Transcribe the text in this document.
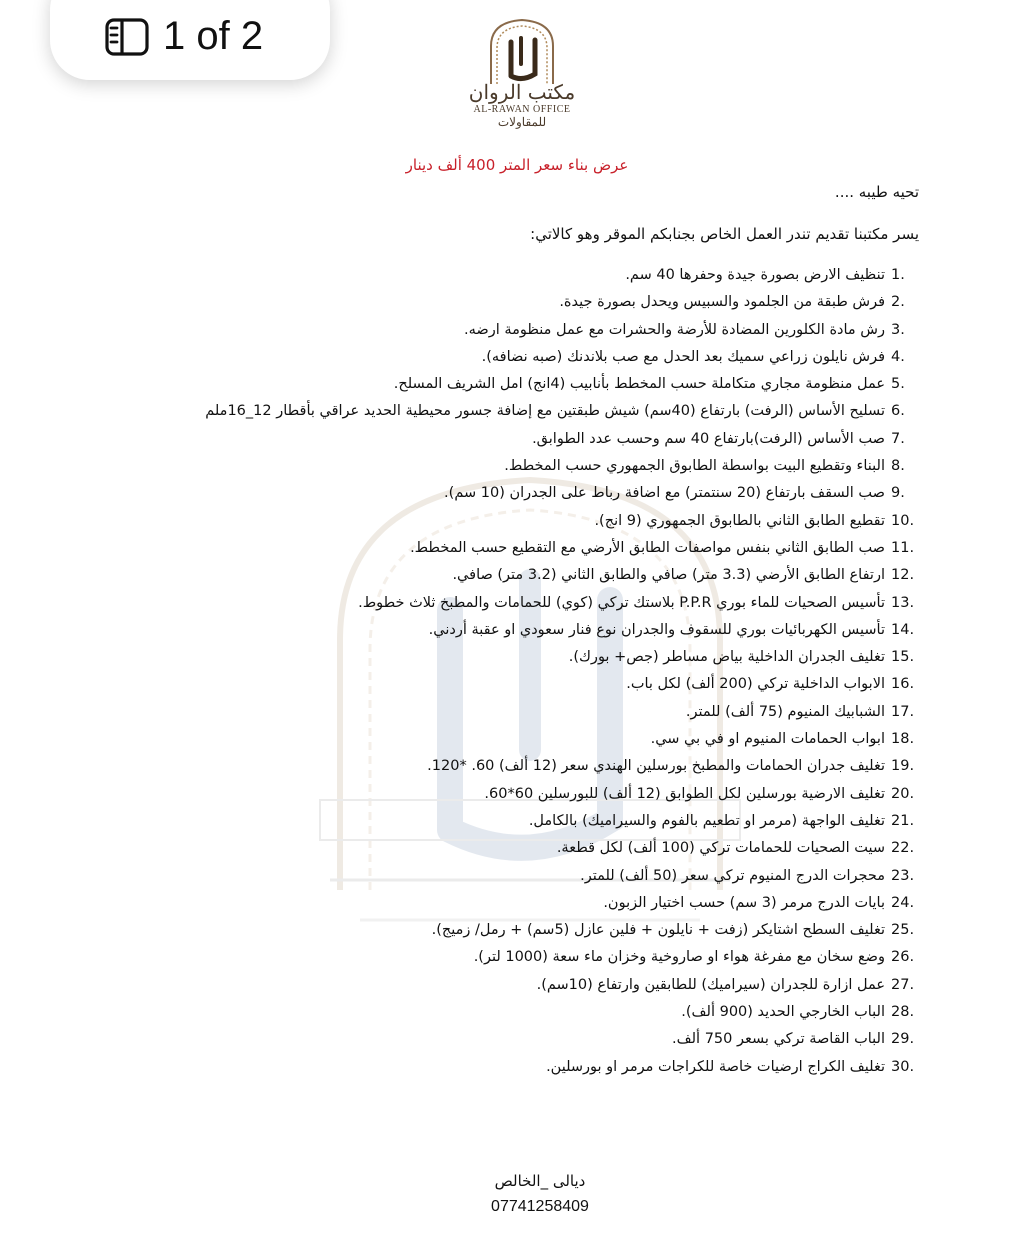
1 of 2
مكتب الروان
AL-RAWAN OFFICE
للمقاولات
تحيه طيبه ....
يسر مكتبنا تقديم تندر العمل الخاص بجنابكم الموقر وهو كالاتي:
1.
تنظيف الارض بصورة جيدة وحفرها 40 سم.
2.
فرش طبقة من الجلمود والسبيس ويحدل بصورة جيدة.
3.
رش مادة الكلورين المضادة للأرضة والحشرات مع عمل منظومة ارضه.
4.
فرش نايلون زراعي سميك بعد الحدل مع صب بلاندنك (صبه نضافه).
5.
عمل منظومة مجاري متكاملة حسب المخطط بأنابيب (4انج) امل الشريف المسلح.
6.
تسليح الأساس (الرفت) بارتفاع (40سم) شيش طبقتين مع إضافة جسور محيطية الحديد عراقي بأقطار 12_16ملم
7.
صب الأساس (الرفت)بارتفاع 40 سم وحسب عدد الطوابق.
8.
البناء وتقطيع البيت بواسطة الطابوق الجمهوري حسب المخطط.
9.
صب السقف بارتفاع (20 سنتمتر) مع اضافة رباط على الجدران (10 سم).
10.
تقطيع الطابق الثاني بالطابوق الجمهوري (9 انج).
11.
صب الطابق الثاني بنفس مواصفات الطابق الأرضي مع التقطيع حسب المخطط.
12.
ارتفاع الطابق الأرضي (3.3 متر) صافي والطابق الثاني (3.2 متر) صافي.
13.
تأسيس الصحيات للماء بوري P.P.R بلاستك تركي (كوي) للحمامات والمطبخ ثلاث خطوط.
14.
تأسيس الكهربائيات بوري للسقوف والجدران نوع فنار سعودي او عقبة أردني.
15.
تغليف الجدران الداخلية بياض مساطر (جص+ بورك).
16.
الابواب الداخلية تركي (200 ألف) لكل باب.
17.
الشبابيك المنيوم (75 ألف) للمتر.
18.
ابواب الحمامات المنيوم او في بي سي.
19.
تغليف جدران الحمامات والمطبخ بورسلين الهندي سعر (12 ألف) 60. *120.
20.
تغليف الارضية بورسلين لكل الطوابق (12 ألف) للبورسلين 60*60.
21.
تغليف الواجهة (مرمر او تطعيم بالفوم والسيراميك) بالكامل.
22.
سيت الصحيات للحمامات تركي (100 ألف) لكل قطعة.
23.
محجرات الدرج المنيوم تركي سعر (50 ألف) للمتر.
24.
بايات الدرج مرمر (3 سم) حسب اختيار الزبون.
25.
تغليف السطح اشتايكر (زفت + نايلون + فلين عازل (5سم) + رمل/ زميج).
26.
وضع سخان مع مفرغة هواء او صاروخية وخزان ماء سعة (1000 لتر).
27.
عمل ازارة للجدران (سيراميك) للطابقين وارتفاع (10سم).
28.
الباب الخارجي الحديد (900 ألف).
29.
الباب القاصة تركي بسعر 750 ألف.
30.
تغليف الكراج ارضيات خاصة للكراجات مرمر او بورسلين.
عرض بناء سعر المتر 400 ألف دينار
ديالى _الخالص
07741258409
